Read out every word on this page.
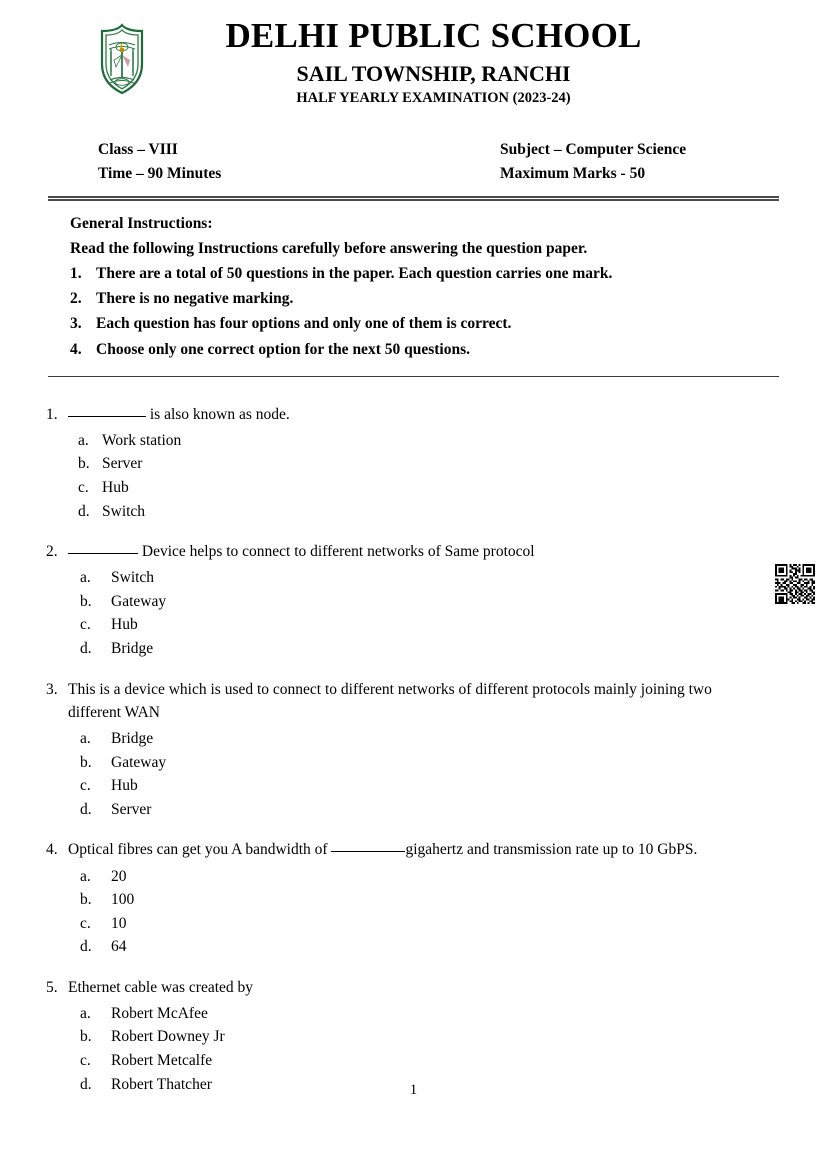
DELHI PUBLIC SCHOOL
SAIL TOWNSHIP, RANCHI
HALF YEARLY EXAMINATION (2023-24)
Class – VIII	Subject – Computer Science
Time – 90 Minutes	Maximum Marks - 50
General Instructions:
Read the following Instructions carefully before answering the question paper.
1. There are a total of 50 questions in the paper. Each question carries one mark.
2. There is no negative marking.
3. Each question has four options and only one of them is correct.
4. Choose only one correct option for the next 50 questions.
1.	is also known as node.
a. Work station
b. Server
c. Hub
d. Switch
2.	Device helps to connect to different networks of Same protocol
a.	Switch
b.	Gateway
c.	Hub
d.	Bridge
3. This is a device which is used to connect to different networks of different protocols mainly joining two different WAN
a.	Bridge
b.	Gateway
c.	Hub
d.	Server
4. Optical fibres can get you A bandwidth of	gigahertz and transmission rate up to 10 GbPS.
a.	20
b.	100
c.	10
d.	64
5. Ethernet cable was created by
a.	Robert McAfee
b.	Robert Downey Jr
c.	Robert Metcalfe
d.	Robert Thatcher	1
